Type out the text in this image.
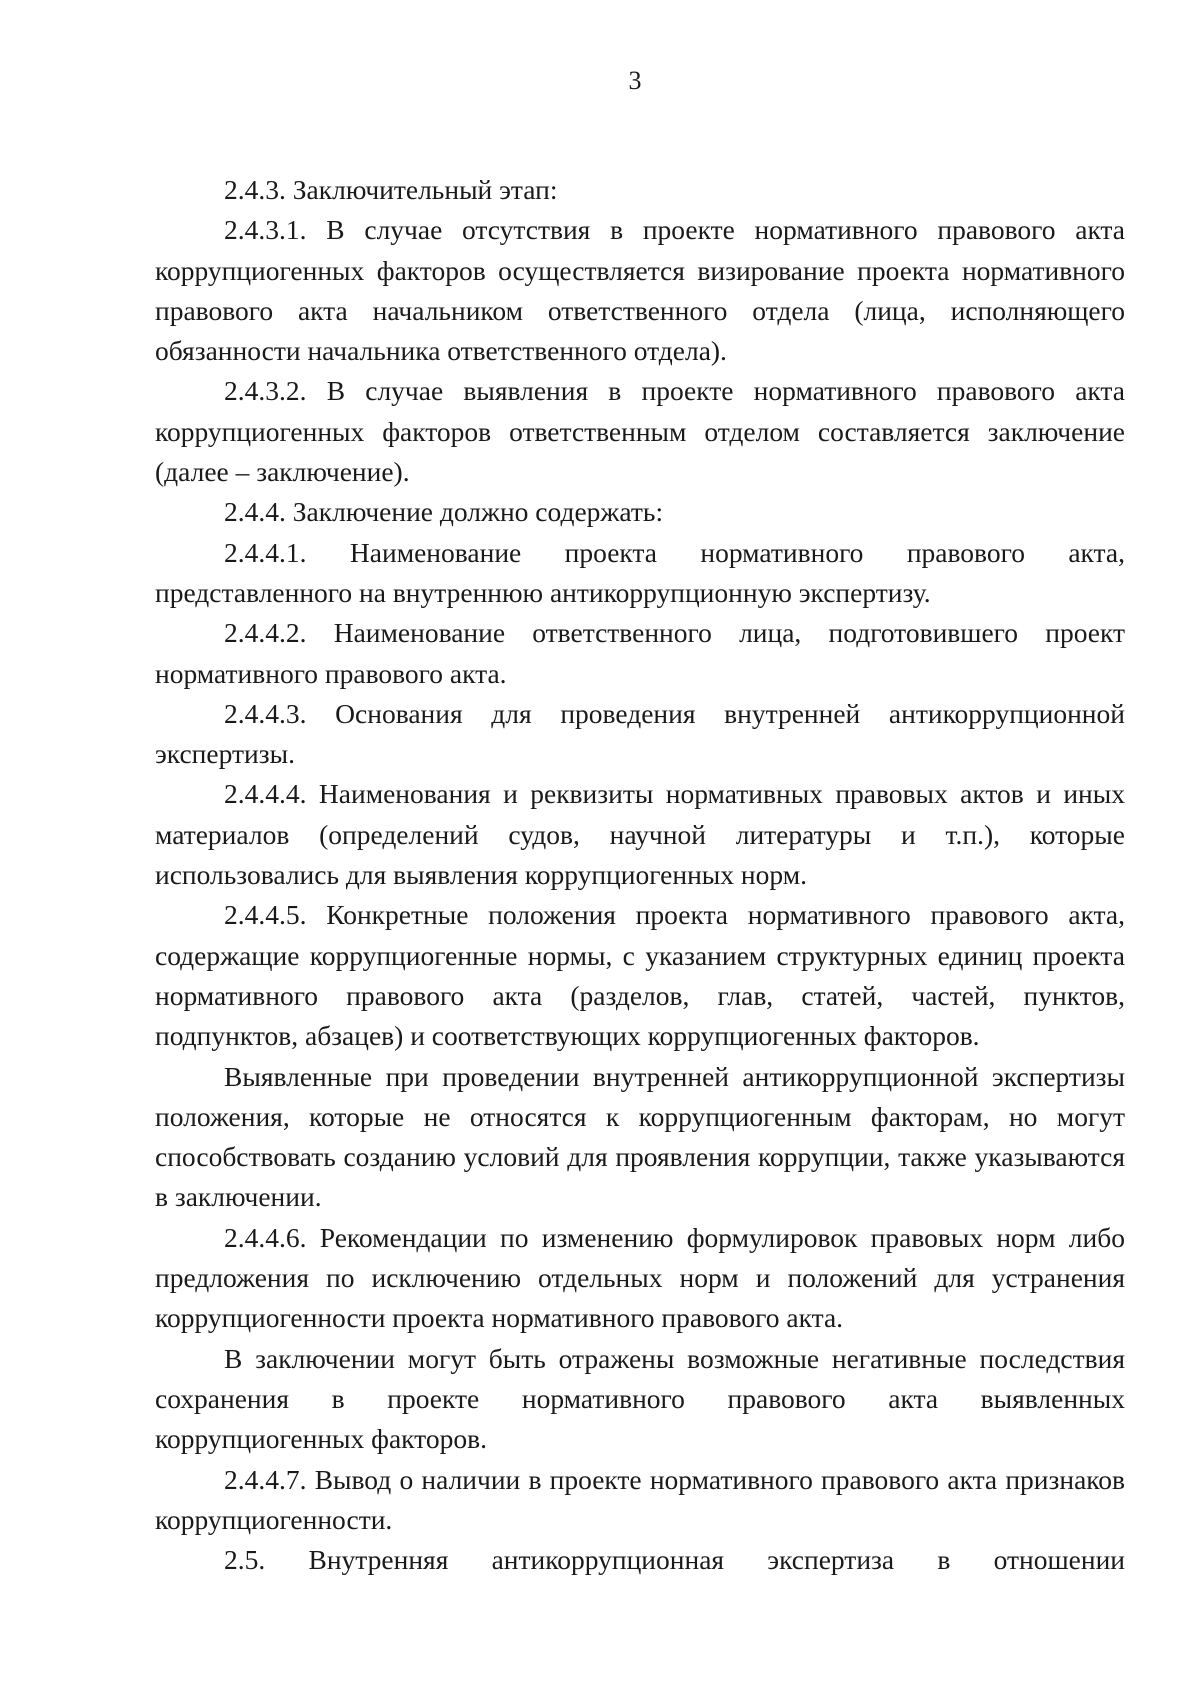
3

2.4.3. Заключительный этап:

2.4.3.1. В случае отсутствия в проекте нормативного правового акта коррупциогенных факторов осуществляется визирование проекта нормативного правового акта начальником ответственного отдела (лица, исполняющего обязанности начальника ответственного отдела).

2.4.3.2. В случае выявления в проекте нормативного правового акта коррупциогенных факторов ответственным отделом составляется заключение (далее – заключение).

2.4.4. Заключение должно содержать:

2.4.4.1. Наименование проекта нормативного правового акта, представленного на внутреннюю антикоррупционную экспертизу.

2.4.4.2. Наименование ответственного лица, подготовившего проект нормативного правового акта.

2.4.4.3. Основания для проведения внутренней антикоррупционной экспертизы.

2.4.4.4. Наименования и реквизиты нормативных правовых актов и иных материалов (определений судов, научной литературы и т.п.), которые использовались для выявления коррупциогенных норм.

2.4.4.5. Конкретные положения проекта нормативного правового акта, содержащие коррупциогенные нормы, с указанием структурных единиц проекта нормативного правового акта (разделов, глав, статей, частей, пунктов, подпунктов, абзацев) и соответствующих коррупциогенных факторов.

Выявленные при проведении внутренней антикоррупционной экспертизы положения, которые не относятся к коррупциогенным факторам, но могут способствовать созданию условий для проявления коррупции, также указываются в заключении.

2.4.4.6. Рекомендации по изменению формулировок правовых норм либо предложения по исключению отдельных норм и положений для устранения коррупциогенности проекта нормативного правового акта.

В заключении могут быть отражены возможные негативные последствия сохранения в проекте нормативного правового акта выявленных коррупциогенных факторов.

2.4.4.7. Вывод о наличии в проекте нормативного правового акта признаков коррупциогенности.

2.5. Внутренняя антикоррупционная экспертиза в отношении
